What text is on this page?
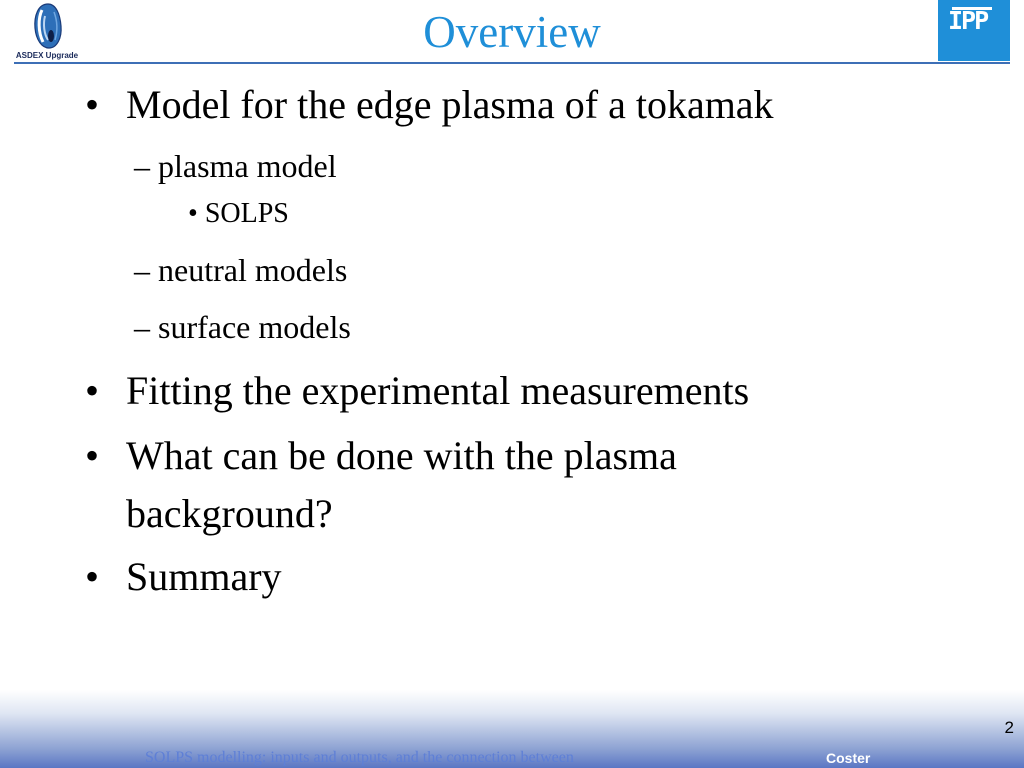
ASDEX Upgrade	Overview	IPP
• Model for the edge plasma of a tokamak
– plasma model
• SOLPS
– neutral models
– surface models
• Fitting the experimental measurements
• What can be done with the plasma background?
• Summary
2
SOLPS modelling: inputs and outputs, and the connection between	Coster
